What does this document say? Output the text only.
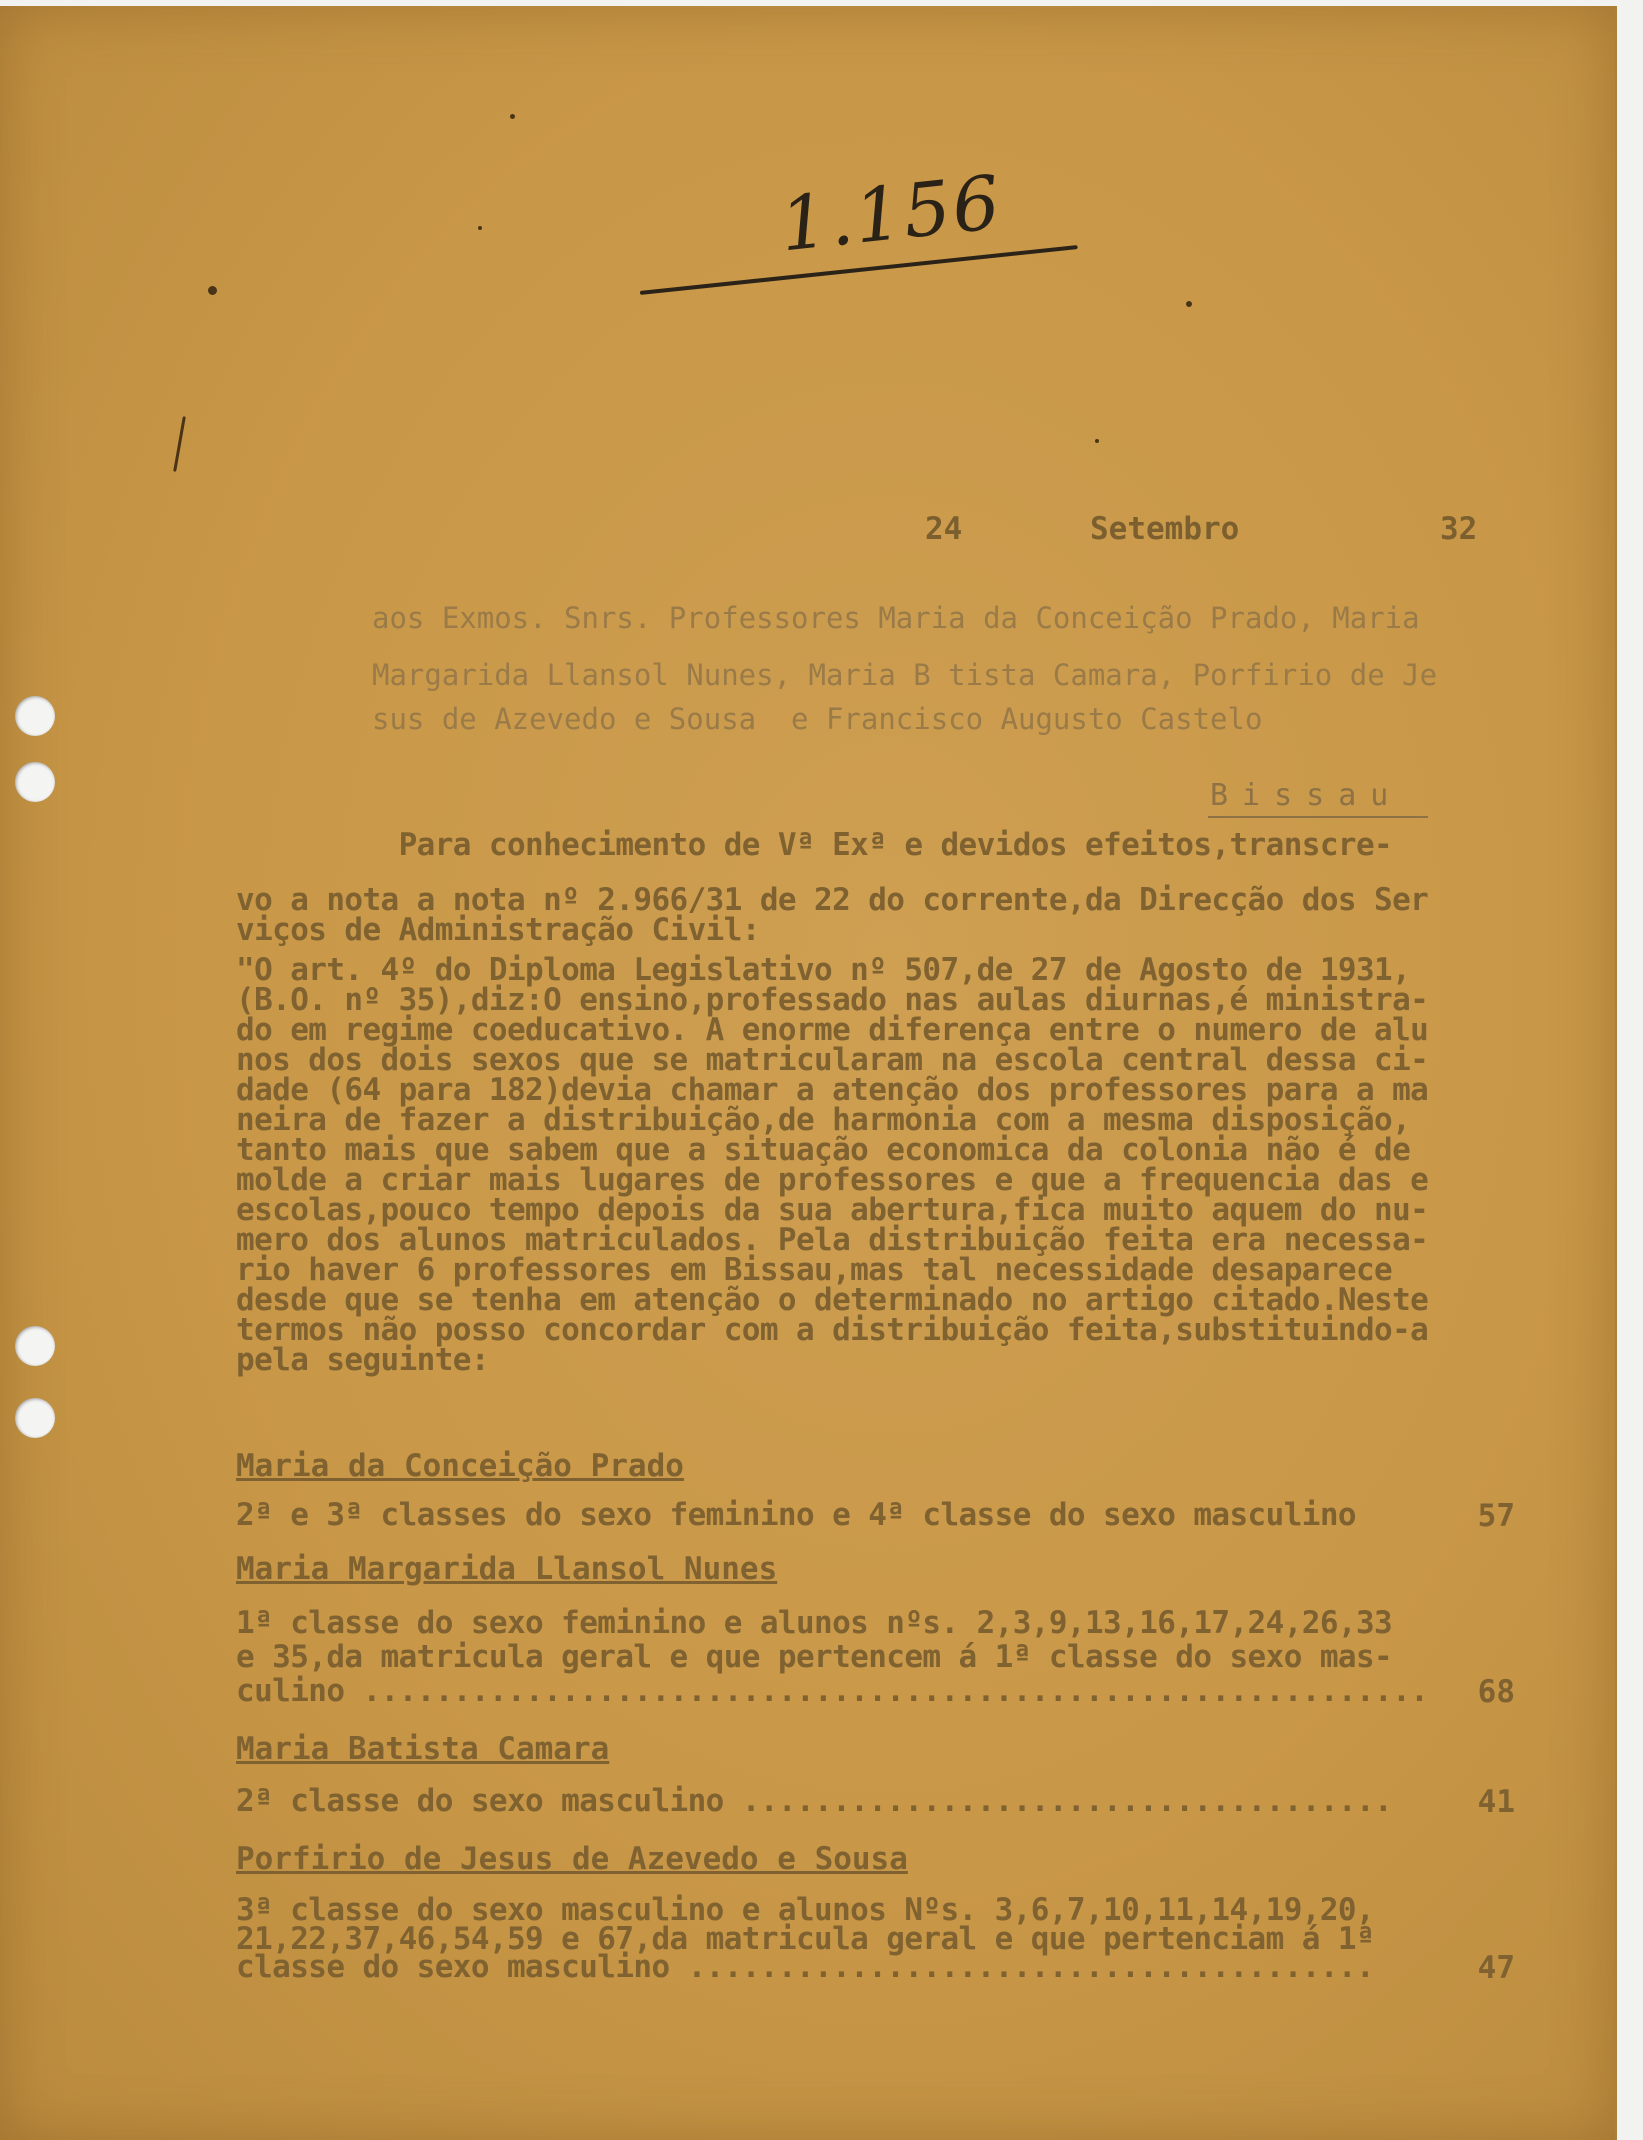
1.156
24	Setembro	32
aos Exmos. Snrs. Professores Maria da Conceição Prado, Maria
Margarida Llansol Nunes, Maria B tista Camara, Porfirio de Je
sus de Azevedo e Sousa  e Francisco Augusto Castelo
Bissau
Para conhecimento de Vª Exª e devidos efeitos,transcre-
vo a nota a nota nº 2.966/31 de 22 do corrente,da Direcção dos Ser
viços de Administração Civil:
"O art. 4º do Diploma Legislativo nº 507,de 27 de Agosto de 1931,
(B.O. nº 35),diz:O ensino,professado nas aulas diurnas,é ministra-
do em regime coeducativo. A enorme diferença entre o numero de alu
nos dos dois sexos que se matricularam na escola central dessa ci-
dade (64 para 182)devia chamar a atenção dos professores para a ma
neira de fazer a distribuição,de harmonia com a mesma disposição,
tanto mais que sabem que a situação economica da colonia não é de
molde a criar mais lugares de professores e que a frequencia das e
escolas,pouco tempo depois da sua abertura,fica muito aquem do nu-
mero dos alunos matriculados. Pela distribuição feita era necessa-
rio haver 6 professores em Bissau,mas tal necessidade desaparece
desde que se tenha em atenção o determinado no artigo citado.Neste
termos não posso concordar com a distribuição feita,substituindo-a
pela seguinte:
Maria da Conceição Prado
2ª e 3ª classes do sexo feminino e 4ª classe do sexo masculino	57
Maria Margarida Llansol Nunes
1ª classe do sexo feminino e alunos nºs. 2,3,9,13,16,17,24,26,33
e 35,da matricula geral e que pertencem á 1ª classe do sexo mas-
culino ........................................................... 68
Maria Batista Camara
2ª classe do sexo masculino ....................................	41
Porfirio de Jesus de Azevedo e Sousa
3ª classe do sexo masculino e alunos Nºs. 3,6,7,10,11,14,19,20,
21,22,37,46,54,59 e 67,da matricula geral e que pertenciam á 1ª
classe do sexo masculino ......................................	47
